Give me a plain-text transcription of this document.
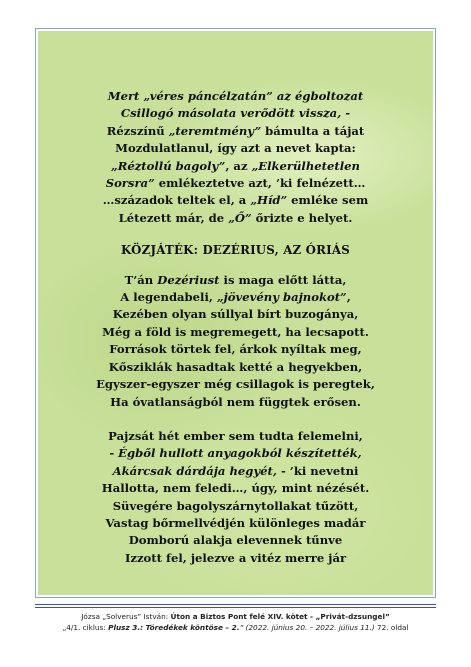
Mert „véres páncélzatán” az égboltozat
Csillogó másolata verődött vissza, -
Rézszínű „teremtmény” bámulta a tájat
Mozdulatlanul, így azt a nevet kapta:
„Réztollú bagoly”, az „Elkerülhetetlen
Sorsra” emlékeztetve azt, ’ki felnézett…
…századok teltek el, a „Híd” emléke sem
Létezett már, de „Ő” őrizte e helyet.
KÖZJÁTÉK: DEZÉRIUS, AZ ÓRIÁS
T’án Dezériust is maga előtt látta,
A legendabeli, „jövevény bajnokot”,
Kezében olyan súllyal bírt buzogánya,
Még a föld is megremegett, ha lecsapott.
Források törtek fel, árkok nyíltak meg,
Kősziklák hasadtak ketté a hegyekben,
Egyszer-egyszer még csillagok is peregtek,
Ha óvatlanságból nem függtek erősen.
Pajzsát hét ember sem tudta felemelni,
- Égből hullott anyagokból készítették,
Akárcsak dárdája hegyét, - ’ki nevetni
Hallotta, nem feledi…, úgy, mint nézését.
Süvegére bagolyszárnytollakat tűzött,
Vastag bőrmellvédjén különleges madár
Domború alakja elevennek tűnve
Izzott fel, jelezve a vitéz merre jár
Józsa „Solverus” István: Úton a Biztos Pont felé XIV. kötet - „Privát-dzsungel”
„4/1. ciklus: Plusz 3.: Töredékek köntöse – 2.” (2022. június 20. – 2022. július 11.) 72. oldal
